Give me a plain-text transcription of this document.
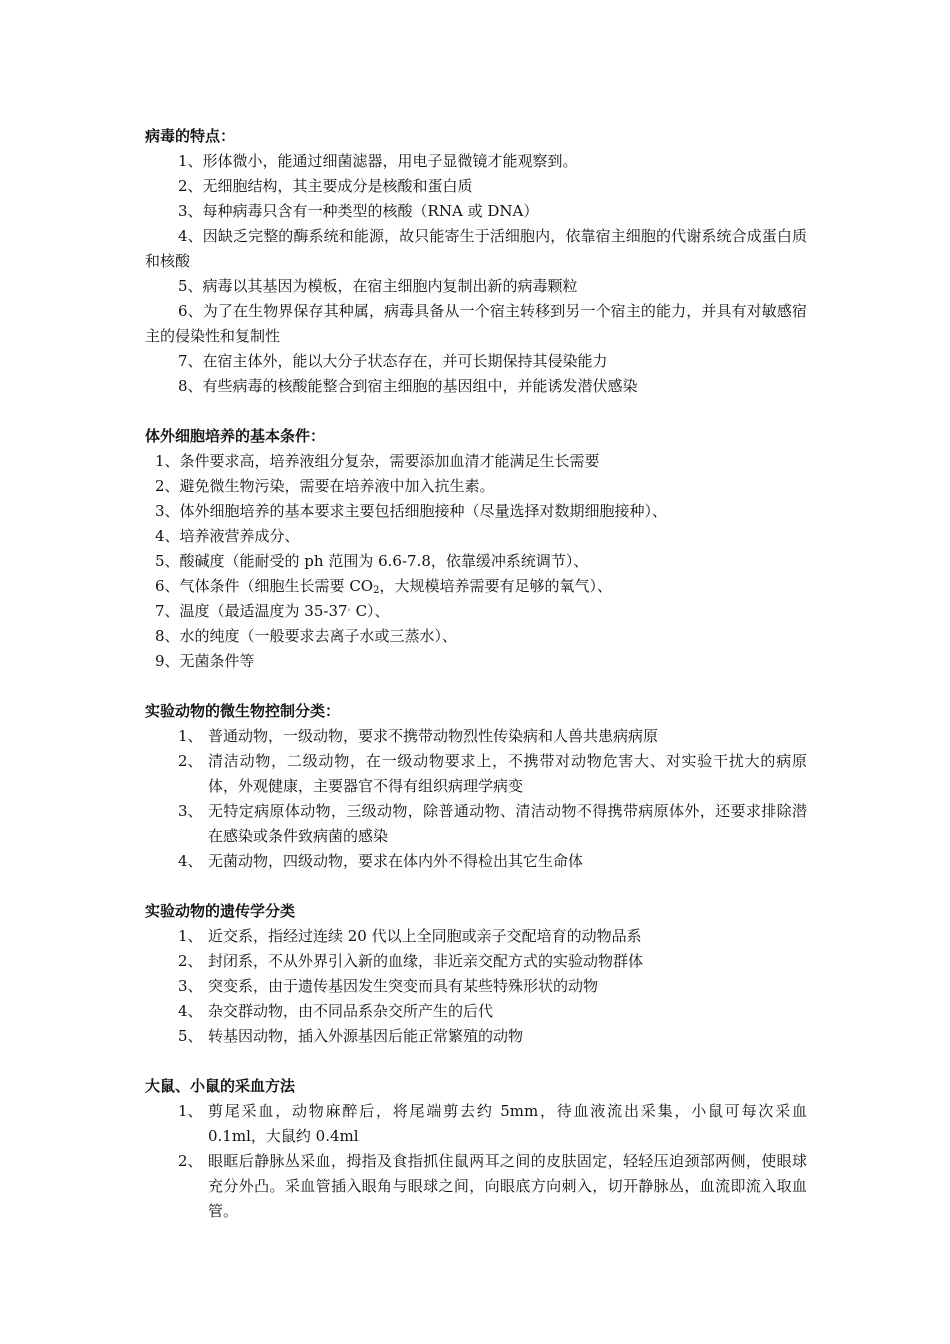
病毒的特点：
1、形体微小，能通过细菌滤器，用电子显微镜才能观察到。
2、无细胞结构，其主要成分是核酸和蛋白质
3、每种病毒只含有一种类型的核酸（RNA 或 DNA）
4、因缺乏完整的酶系统和能源，故只能寄生于活细胞内，依靠宿主细胞的代谢系统合成蛋白质和核酸
5、病毒以其基因为模板，在宿主细胞内复制出新的病毒颗粒
6、为了在生物界保存其种属，病毒具备从一个宿主转移到另一个宿主的能力，并具有对敏感宿主的侵染性和复制性
7、在宿主体外，能以大分子状态存在，并可长期保持其侵染能力
8、有些病毒的核酸能整合到宿主细胞的基因组中，并能诱发潜伏感染
体外细胞培养的基本条件：
1、条件要求高，培养液组分复杂，需要添加血清才能满足生长需要
2、避免微生物污染，需要在培养液中加入抗生素。
3、体外细胞培养的基本要求主要包括细胞接种（尽量选择对数期细胞接种）、
4、培养液营养成分、
5、酸碱度（能耐受的 ph 范围为 6.6-7.8，依靠缓冲系统调节）、
6、气体条件（细胞生长需要 $CO_2$，大规模培养需要有足够的氧气）、
7、温度（最适温度为 35-37。C）、
8、水的纯度（一般要求去离子水或三蒸水）、
9、无菌条件等
实验动物的微生物控制分类：
1、 普通动物，一级动物，要求不携带动物烈性传染病和人兽共患病病原
2、 清洁动物，二级动物，在一级动物要求上，不携带对动物危害大、对实验干扰大的病原体，外观健康，主要器官不得有组织病理学病变
3、 无特定病原体动物，三级动物，除普通动物、清洁动物不得携带病原体外，还要求排除潜在感染或条件致病菌的感染
4、 无菌动物，四级动物，要求在体内外不得检出其它生命体
实验动物的遗传学分类
1、 近交系，指经过连续 20 代以上全同胞或亲子交配培育的动物品系
2、 封闭系，不从外界引入新的血缘，非近亲交配方式的实验动物群体
3、 突变系，由于遗传基因发生突变而具有某些特殊形状的动物
4、 杂交群动物，由不同品系杂交所产生的后代
5、 转基因动物，插入外源基因后能正常繁殖的动物
大鼠、小鼠的采血方法
1、 剪尾采血，动物麻醉后，将尾端剪去约 5mm，待血液流出采集，小鼠可每次采血 0.1ml，大鼠约 0.4ml
2、 眼眶后静脉丛采血，拇指及食指抓住鼠两耳之间的皮肤固定，轻轻压迫颈部两侧，使眼球充分外凸。采血管插入眼角与眼球之间，向眼底方向刺入，切开静脉丛，血流即流入取血管。
